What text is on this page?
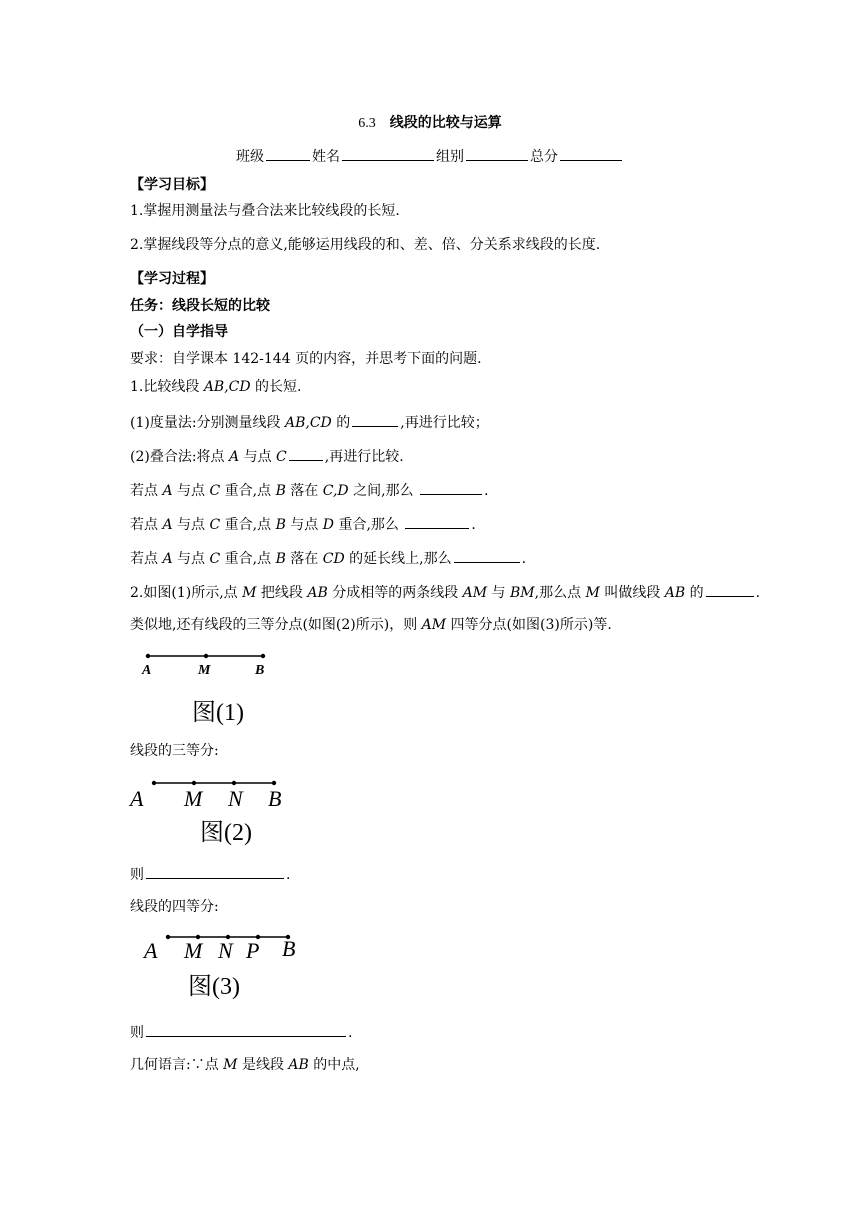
6.3 线段的比较与运算
班级	姓名	组别	总分
【学习目标】
1.掌握用测量法与叠合法来比较线段的长短.
2.掌握线段等分点的意义,能够运用线段的和、差、倍、分关系求线段的长度.
【学习过程】
任务：线段长短的比较
（一）自学指导
要求：自学课本 142-144 页的内容，并思考下面的问题.
1.比较线段 AB,CD 的长短.
(1)度量法:分别测量线段 AB,CD 的	,再进行比较；
(2)叠合法:将点 A 与点 C	,再进行比较.
若点 A 与点 C 重合,点 B 落在 C,D 之间,那么	.
若点 A 与点 C 重合,点 B 与点 D 重合,那么	.
若点 A 与点 C 重合,点 B 落在 CD 的延长线上,那么	.
2.如图(1)所示,点 M 把线段 AB 分成相等的两条线段 AM 与 BM,那么点 M 叫做线段 AB 的	.
类似地,还有线段的三等分点(如图(2)所示)，则 AM 四等分点(如图(3)所示)等.
A	M	B
图(1)
线段的三等分:
A M N B
图(2)
则	.
线段的四等分:
A M N P B
图(3)
则	.
几何语言:∵点 M 是线段 AB 的中点,
